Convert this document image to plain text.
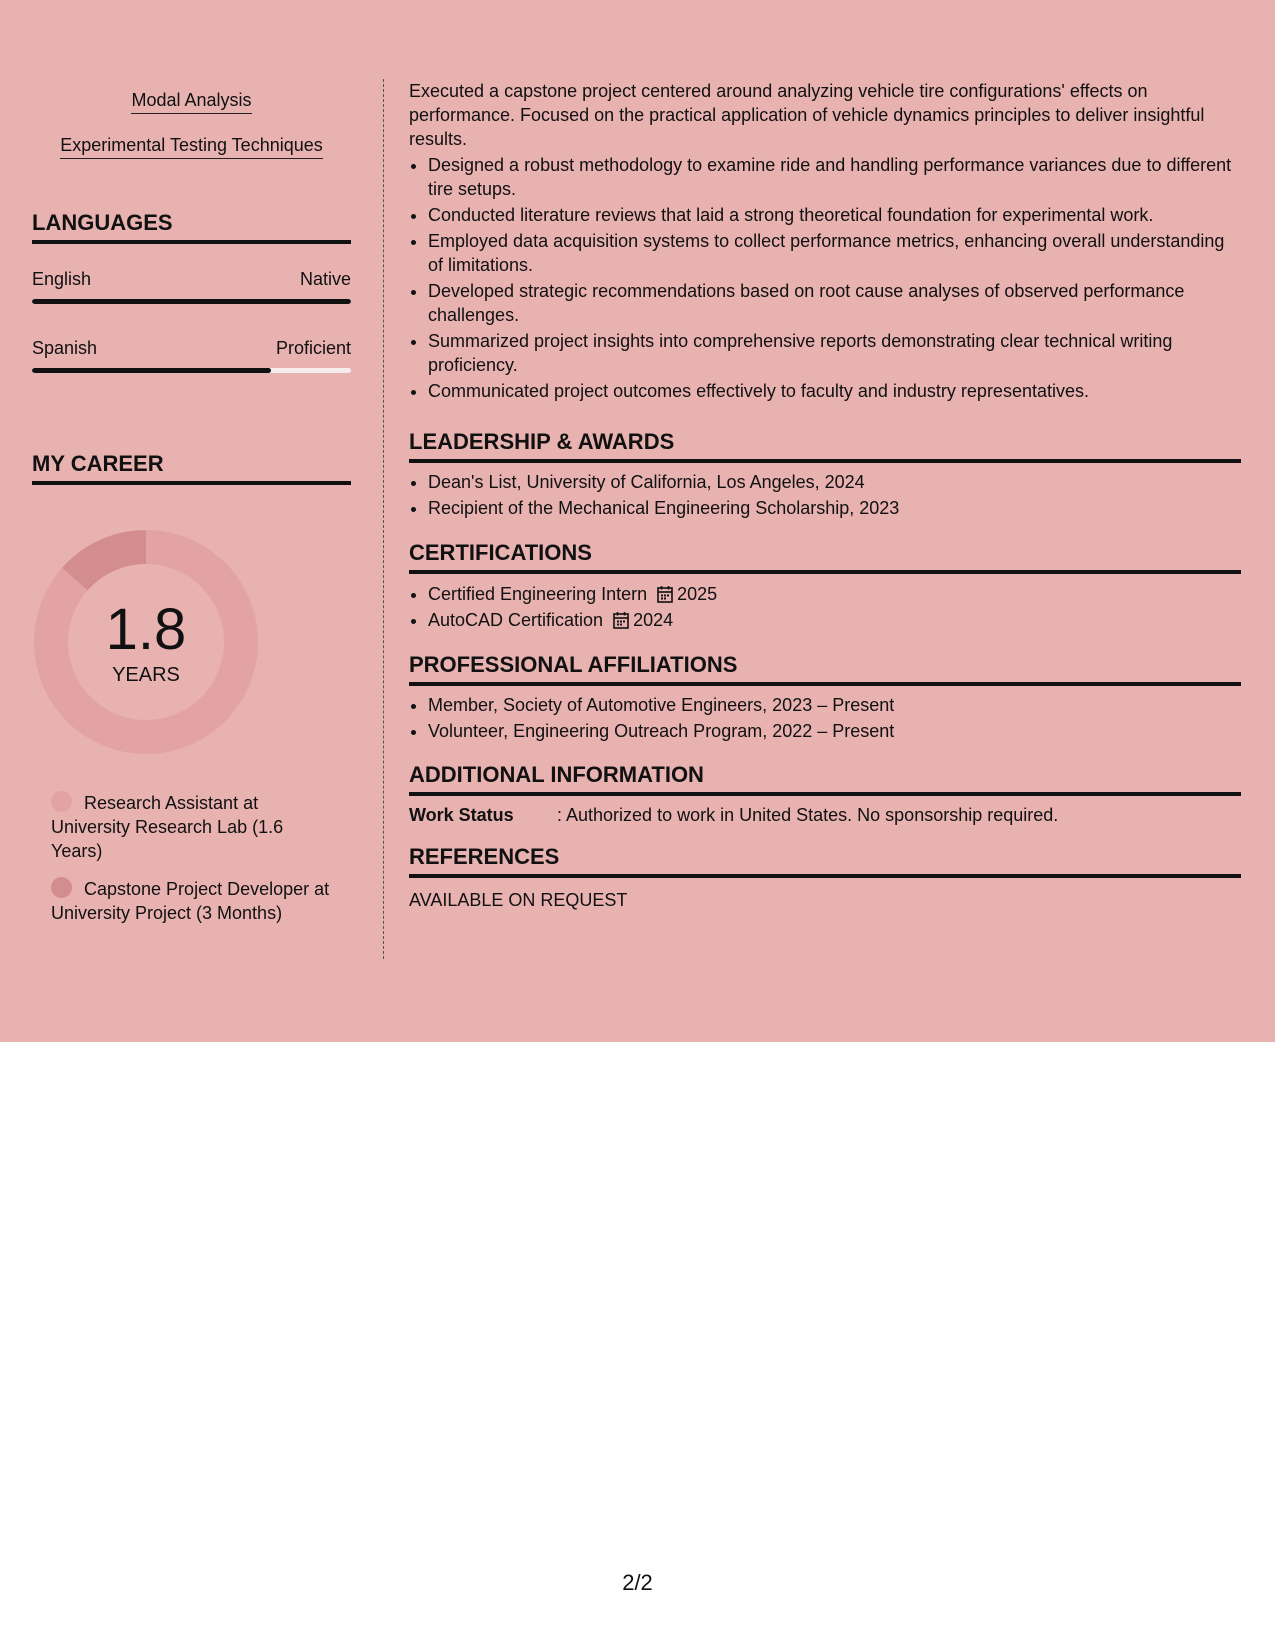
Modal Analysis
Experimental Testing Techniques
LANGUAGES
English	Native
Spanish	Proficient
MY CAREER
1.8
YEARS
Research Assistant at University Research Lab (1.6 Years)
Capstone Project Developer at University Project (3 Months)
Executed a capstone project centered around analyzing vehicle tire configurations' effects on performance. Focused on the practical application of vehicle dynamics principles to deliver insightful results.
• Designed a robust methodology to examine ride and handling performance variances due to different tire setups.
• Conducted literature reviews that laid a strong theoretical foundation for experimental work.
• Employed data acquisition systems to collect performance metrics, enhancing overall understanding of limitations.
• Developed strategic recommendations based on root cause analyses of observed performance challenges.
• Summarized project insights into comprehensive reports demonstrating clear technical writing proficiency.
• Communicated project outcomes effectively to faculty and industry representatives.
LEADERSHIP & AWARDS
• Dean's List, University of California, Los Angeles, 2024
• Recipient of the Mechanical Engineering Scholarship, 2023
CERTIFICATIONS
• Certified Engineering Intern 2025
• AutoCAD Certification 2024
PROFESSIONAL AFFILIATIONS
• Member, Society of Automotive Engineers, 2023 – Present
• Volunteer, Engineering Outreach Program, 2022 – Present
ADDITIONAL INFORMATION
Work Status : Authorized to work in United States. No sponsorship required.
REFERENCES
AVAILABLE ON REQUEST
2/2
